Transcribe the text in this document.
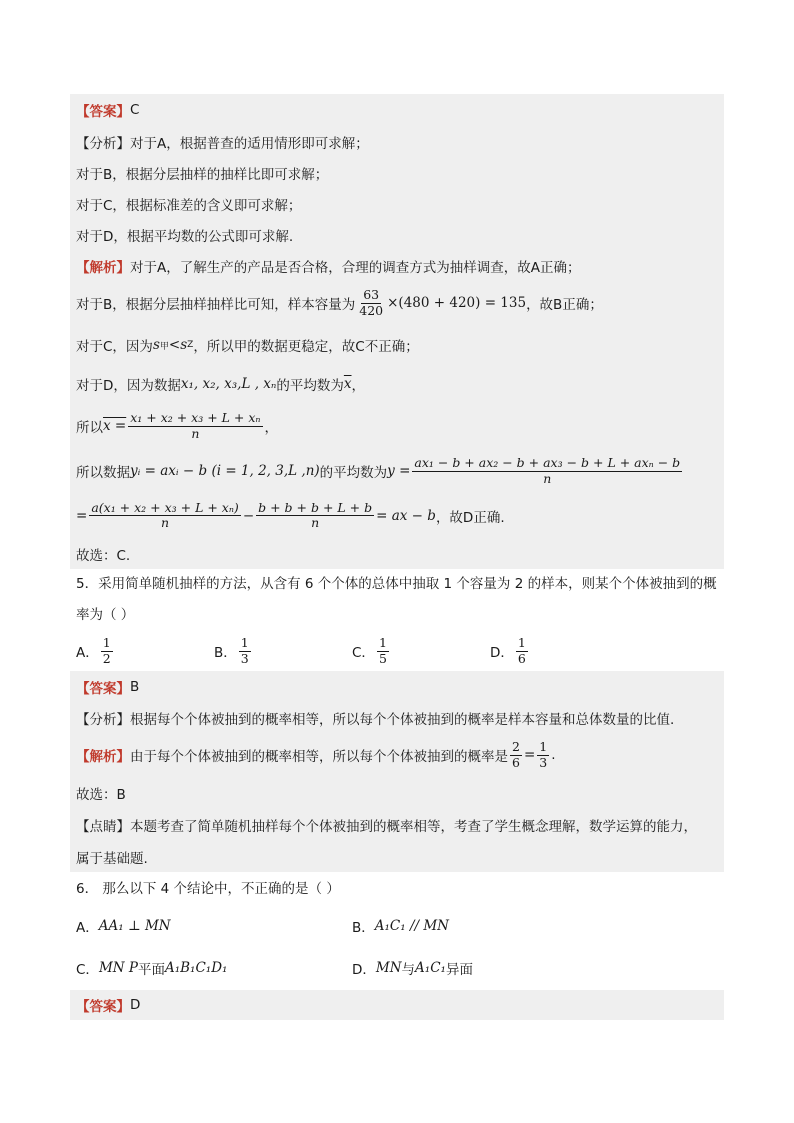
【答案】 C
【分析】 对于A，根据普查的适用情形即可求解；
对于B，根据分层抽样的抽样比即可求解；
对于C，根据标准差的含义即可求解；
对于D，根据平均数的公式即可求解.
【解析】 对于A，了解生产的产品是否合格，合理的调查方式为抽样调查，故A正确；
对于B，根据分层抽样抽样比可知，样本容量为 $\frac{63}{420} \times(480 + 420) = 135$ ，故B正确；
对于C，因为 s 甲 < s Z ，所以甲的数据更稳定，故C不正确；
对于D，因为数据 x₁, x₂, x₃,L , xₙ 的平均数为 $\overline{x}$ ，
所以 $x = \frac{\text{x₁ + x₂ + x₃ + L + xₙ}}{n}$ ，
所以数据 yᵢ = axᵢ − b (i = 1, 2, 3,L ,n) 的平均数为 $y = \frac{\text{ax₁ − b + ax₂ − b + ax₃ − b + L + axₙ − b}}{n}$
= $\frac{\text{a(x₁ + x₂ + x₃ + L + xₙ)}}{n} - \frac{b + b + b + L + b}{n}$ = ax − b ，故D正确.
故选：C.
5．采用简单随机抽样的方法，从含有 6 个个体的总体中抽取 1 个容量为 2 的样本，则某个个体被抽到的概
率为（ ）
A． $\frac{1}{2}$	B． $\frac{1}{3}$	C． $\frac{1}{5}$	D． $\frac{1}{6}$
【答案】 B
【分析】 根据每个个体被抽到的概率相等，所以每个个体被抽到的概率是样本容量和总体数量的比值.
【解析】 由于每个个体被抽到的概率相等，所以每个个体被抽到的概率是 $\frac{2}{6} = \frac{1}{3}$ .
故选：B
【点睛】 本题考查了简单随机抽样每个个体被抽到的概率相等，考查了学生概念理解，数学运算的能力，
属于基础题.
6． 那么以下 4 个结论中，不正确的是（ ）
A． AA₁ ⊥ MN	B． A₁C₁ // MN
C． MN P 平面 A₁B₁C₁D₁	D． MN 与 A₁C₁ 异面
【答案】 D
